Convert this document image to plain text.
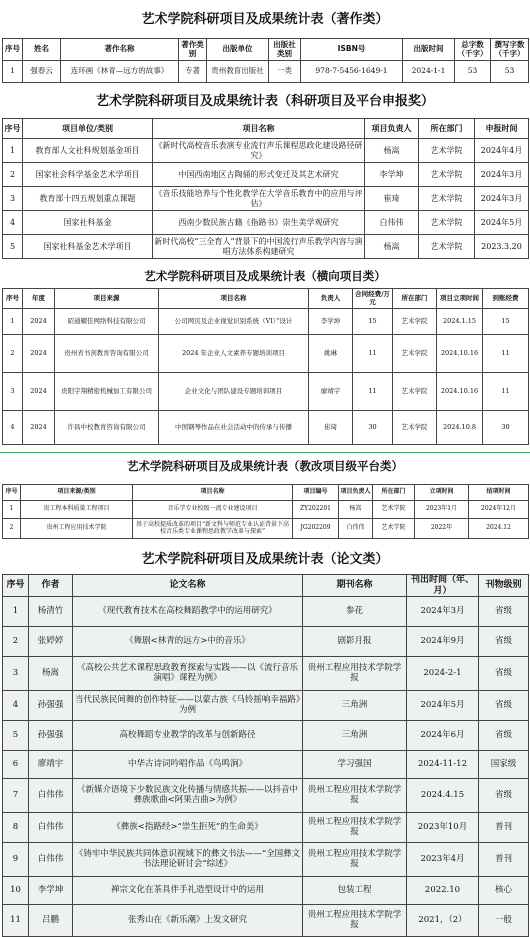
艺术学院科研项目及成果统计表（著作类）
序号	姓名	著作名称	著作类别	出版单位	出版社类别	ISBN号	出版时间	总字数（千字）	撰写字数（千字）
1	强春云	连环画《林青—远方的故事》	专著	贵州教育出版社	一类	978-7-5456-1649-1	2024-1-1	53	53
艺术学院科研项目及成果统计表（科研项目及平台申报奖）
序号	项目单位/类别	项目名称	项目负责人	所在部门	申报时间
1	教育部人文社科规划基金项目	《新时代高校音乐表演专业流行声乐课程思政化建设路径研究》	杨嵩	艺术学院	2024年4月
2	国家社会科学基金艺术学项目	中国西南地区古陶俑的形式变迁及其艺术研究	李学坤	艺术学院	2024年3月
3	教育部十四五规划重点课题	《音乐技能培养与个性化教学在大学音乐教育中的应用与评估》	崔琦	艺术学院	2024年3月
4	国家社科基金	西南少数民族古籍《指路书》崇生美学观研究	白伟伟	艺术学院	2024年5月
5	国家社科基金艺术学项目	新时代高校“三全育人”背景下的中国流行声乐教学内容与演唱方法体系构建研究	杨嵩	艺术学院	2023.3.20
艺术学院科研项目及成果统计表（横向项目类）
序号	年度	项目来源	项目名称	负责人	合同经费/万元	所在部门	项目立项时间	到账经费
1	2024	昭通耀佳网络科技有限公司	公司网页及企业视觉识别系统（VI）”设计	李学坤	15	艺术学院	2024.1.15	15
2	2024	贵州省书剑教育咨询有限公司	2024 年企业人文素养专题培训项目	姚琳	11	艺术学院	2024.10.16	11
3	2024	贵阳宇翔精密机械加工有限公司	企业文化与团队建设专题培训项目	廖靖宇	11	艺术学院	2024.10.16	11
4	2024	许昌中校教育咨询有限公司	中国钢琴作品在社会活动中的传承与传播	崔琦	30	艺术学院	2024.10.8	30
艺术学院科研项目及成果统计表（教改项目级平台类）
序号	项目来源/类别	项目名称	项目编号	项目负责人	所在部门	立项时间	结项时间
1	贵工程本科质量工程项目	音乐学专业校级一流专业建设项目	ZY202201	杨嵩	艺术学院	2023年1月	2024年12月
2	贵州工程应用技术学院	基于高校提质改革的项目“新文科与师范专业认证背景下高校音乐类专业课程思政教学改革与探索”	JG202209	白伟伟	艺术学院	2022年	2024.12
艺术学院科研项目及成果统计表（论文类）
序号	作者	论文名称	期刊名称	刊出时间（年、月）	刊物级别
1	杨清竹	《现代教育技术在高校舞蹈教学中的运用研究》	参花	2024年3月	省级
2	张婷婷	《舞剧<林青的远方>中的音乐》	剧影月报	2024年9月	省级
3	杨嵩	《高校公共艺术课程思政教育探索与实践——以《流行音乐演唱》课程为例》	贵州工程应用技术学院学报	2024-2-1	省级
4	孙强强	当代民族民间舞的创作特征——以蒙古族《马铃摇响幸福路》为例	三角洲	2024年5月	省级
5	孙强强	高校舞蹈专业教学的改革与创新路径	三角洲	2024年6月	省级
6	廖靖宇	中华古诗词吟唱作品《鸟鸣涧》	学习强国	2024-11-12	国家级
7	白伟伟	《新媒介语境下少数民族文化传播与情感共振——以抖音中彝族歌曲<阿果吉曲>为例》	贵州工程应用技术学院学报	2024.4.15	省级
8	白伟伟	《彝族<指路经>“崇生拒死”的生命美》	贵州工程应用技术学院学报	2023年10月	普刊
9	白伟伟	《铸牢中华民族共同体意识视域下的彝文书法——“全国彝文书法理论研讨会”综述》	贵州工程应用技术学院学报	2023年4月	普刊
10	李学坤	禅宗文化在茶具伴手礼造型设计中的运用	包装工程	2022.10	核心
11	吕鹏	张秀山在《新乐潮》上发文研究	贵州工程应用技术学院学报	2021，（2）	一般
